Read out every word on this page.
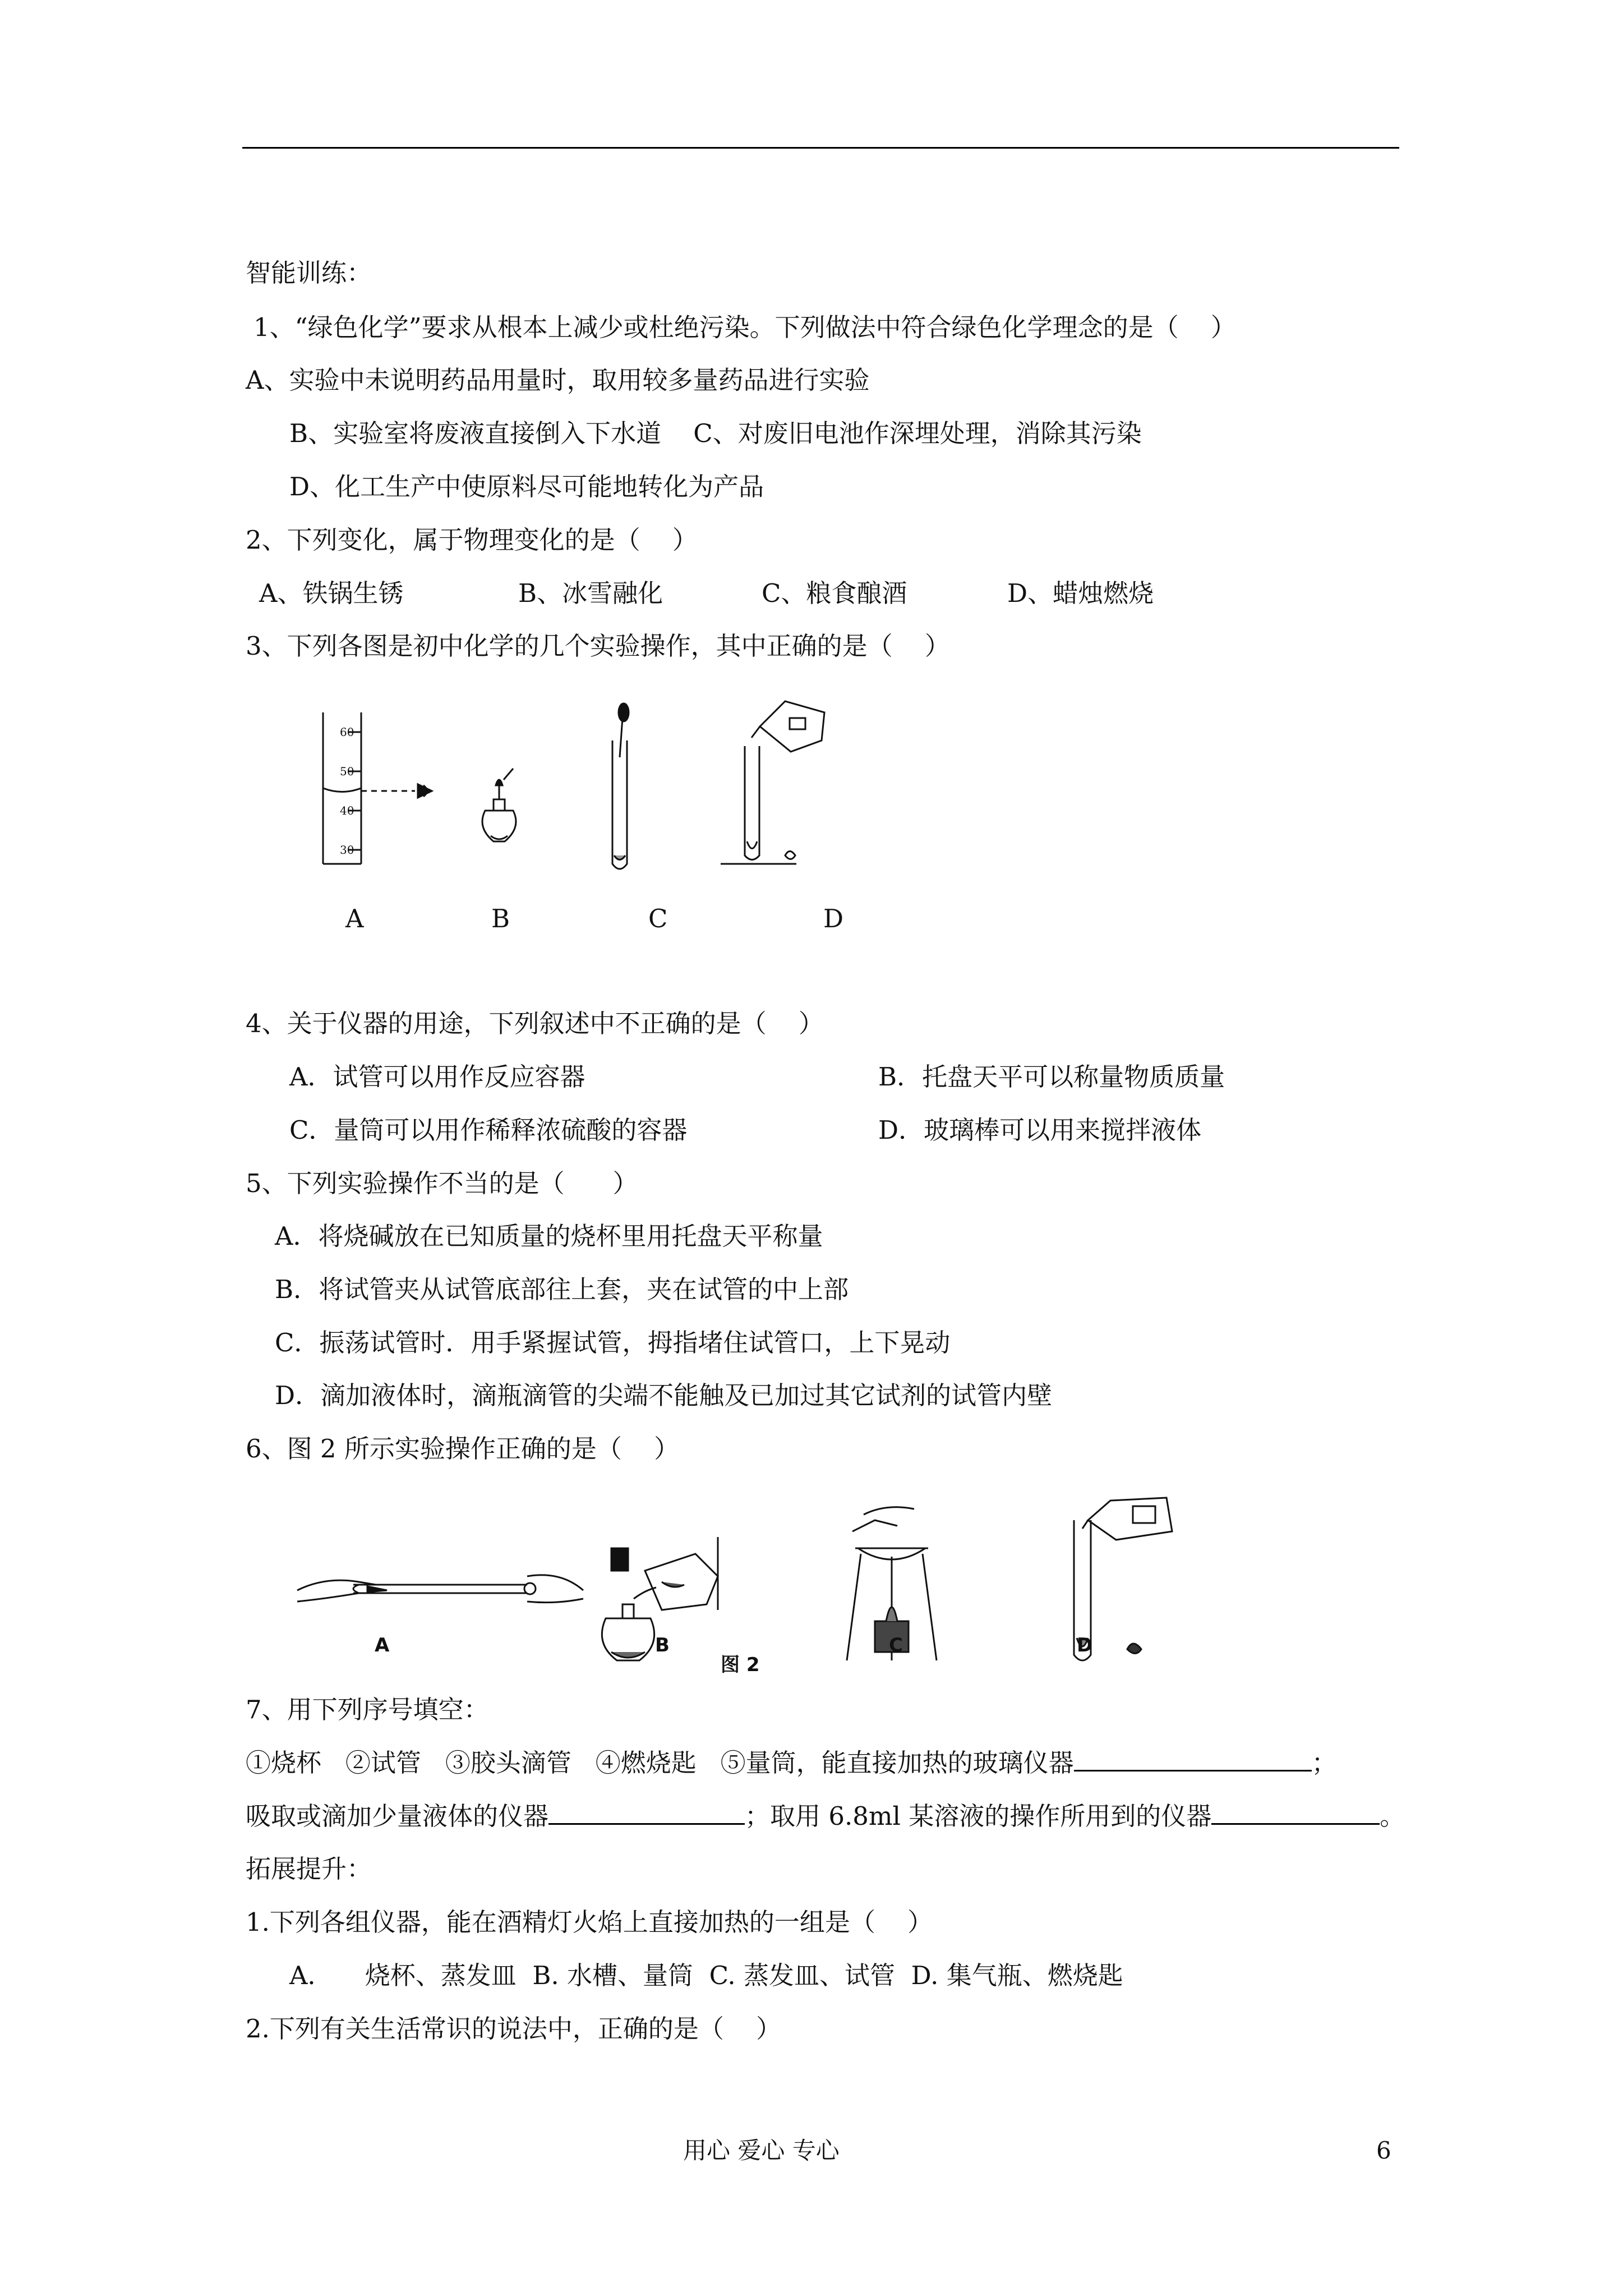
智能训练：
1、“绿色化学”要求从根本上减少或杜绝污染。下列做法中符合绿色化学理念的是（    ）
A、实验中未说明药品用量时，取用较多量药品进行实验
B、实验室将废液直接倒入下水道    C、对废旧电池作深埋处理，消除其污染
D、化工生产中使原料尽可能地转化为产品
2、下列变化，属于物理变化的是（    ）
A、铁锅生锈	B、冰雪融化	C、粮食酿酒	D、蜡烛燃烧
3、下列各图是初中化学的几个实验操作，其中正确的是（    ）
60
50
40
30
A	B	C	D
4、关于仪器的用途，下列叙述中不正确的是（    ）
A．试管可以用作反应容器	B．托盘天平可以称量物质质量
C．量筒可以用作稀释浓硫酸的容器	D．玻璃棒可以用来搅拌液体
5、下列实验操作不当的是（      ）
A．将烧碱放在已知质量的烧杯里用托盘天平称量
B．将试管夹从试管底部往上套，夹在试管的中上部
C．振荡试管时．用手紧握试管，拇指堵住试管口，上下晃动
D．滴加液体时，滴瓶滴管的尖端不能触及已加过其它试剂的试管内壁
6、图 2 所示实验操作正确的是（    ）
A	B	C	D
图 2
7、用下列序号填空：
①烧杯   ②试管   ③胶头滴管   ④燃烧匙   ⑤量筒，能直接加热的玻璃仪器	；
吸取或滴加少量液体的仪器	；取用 6.8ml 某溶液的操作所用到的仪器	。
拓展提升：
1.下列各组仪器，能在酒精灯火焰上直接加热的一组是（    ）
A．    烧杯、蒸发皿  B. 水槽、量筒  C. 蒸发皿、试管  D. 集气瓶、燃烧匙
2.下列有关生活常识的说法中，正确的是（    ）
用心 爱心 专心	6
